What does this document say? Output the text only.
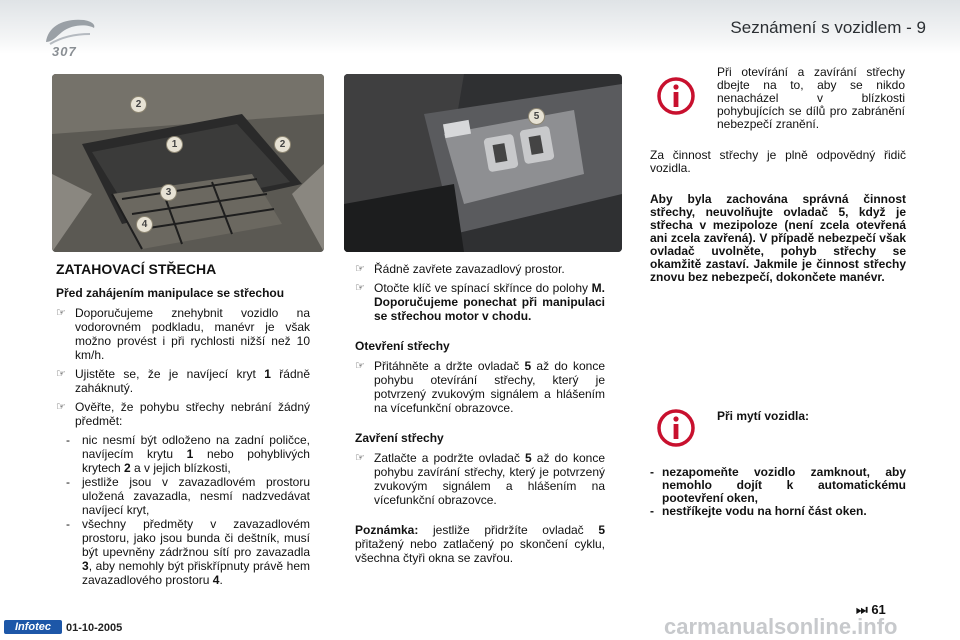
307
Seznámení s vozidlem - 9
2
1	2
3
4
5
ZATAHOVACÍ STŘECHA

Před zahájením manipulace se střechou

☞ Doporučujeme znehybnit vozidlo na vodorovném podkladu, manévr je však možno provést i při rychlosti nižší než 10 km/h.

☞ Ujistěte se, že je navíjecí kryt 1 řádně zaháknutý.

☞ Ověřte, že pohybu střechy nebrání žádný předmět:

- nic nesmí být odloženo na zadní poličce, navíjecím krytu 1 nebo pohyblivých krytech 2 a v jejich blízkosti,

- jestliže jsou v zavazadlovém prostoru uložená zavazadla, nesmí nadzvedávat navíjecí kryt,

- všechny předměty v zavazadlovém prostoru, jako jsou bunda či deštník, musí být upevněny zádržnou sítí pro zavazadla 3, aby nemohly být přiskřípnuty právě hem zavazadlového prostoru 4.

☞ Řádně zavřete zavazadlový prostor.

☞ Otočte klíč ve spínací skřínce do polohy M. Doporučujeme ponechat při manipulaci se střechou motor v chodu.

Otevření střechy

☞ Přitáhněte a držte ovladač 5 až do konce pohybu otevírání střechy, který je potvrzený zvukovým signálem a hlášením na vícefunkční obrazovce.

Zavření střechy

☞ Zatlačte a podržte ovladač 5 až do konce pohybu zavírání střechy, který je potvrzený zvukovým signálem a hlášením na vícefunkční obrazovce.

Poznámka: jestliže přidržíte ovladač 5 přitažený nebo zatlačený po skončení cyklu, všechna čtyři okna se zavřou.

Při otevírání a zavírání střechy dbejte na to, aby se nikdo nenacházel v blízkosti pohybujících se dílů pro zabránění nebezpečí zranění.
Za činnost střechy je plně odpovědný řidič vozidla.
Aby byla zachována správná činnost střechy, neuvolňujte ovladač 5, když je střecha v mezipoloze (není zcela otevřená ani zcela zavřená). V případě nebezpečí však ovladač uvolněte, pohyb střechy se okamžitě zastaví. Jakmile je činnost střechy znovu bez nebezpečí, dokončete manévr.
Při mytí vozidla:

- nezapomeňte vozidlo zamknout, aby nemohlo dojít k automatickému pootevření oken,

- nestříkejte vodu na horní část oken.

Infotec	01-10-2005	carmanualsonline.info
⏭ 61
